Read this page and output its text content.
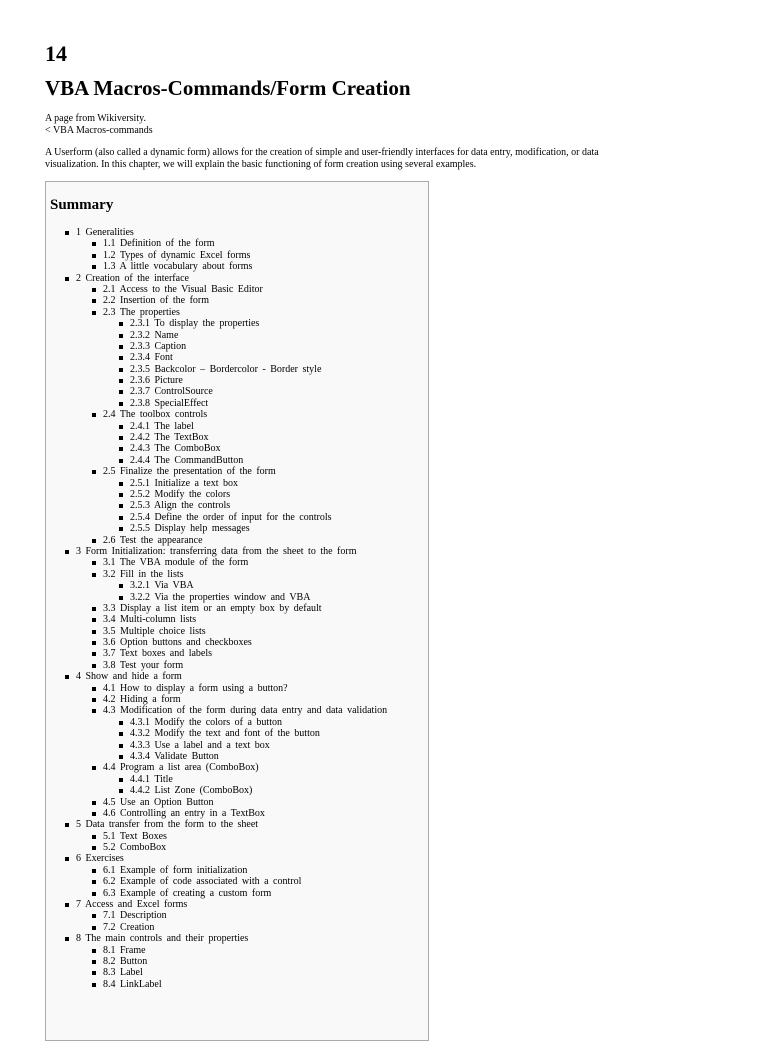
14
VBA Macros-Commands/Form Creation
A page from Wikiversity.
< VBA Macros-commands
A Userform (also called a dynamic form) allows for the creation of simple and user-friendly interfaces for data entry, modification, or data visualization. In this chapter, we will explain the basic functioning of form creation using several examples.
Summary
1 Generalities
1.1 Definition of the form
1.2 Types of dynamic Excel forms
1.3 A little vocabulary about forms
2 Creation of the interface
2.1 Access to the Visual Basic Editor
2.2 Insertion of the form
2.3 The properties
2.3.1 To display the properties
2.3.2 Name
2.3.3 Caption
2.3.4 Font
2.3.5 Backcolor – Bordercolor - Border style
2.3.6 Picture
2.3.7 ControlSource
2.3.8 SpecialEffect
2.4 The toolbox controls
2.4.1 The label
2.4.2 The TextBox
2.4.3 The ComboBox
2.4.4 The CommandButton
2.5 Finalize the presentation of the form
2.5.1 Initialize a text box
2.5.2 Modify the colors
2.5.3 Align the controls
2.5.4 Define the order of input for the controls
2.5.5 Display help messages
2.6 Test the appearance
3 Form Initialization: transferring data from the sheet to the form
3.1 The VBA module of the form
3.2 Fill in the lists
3.2.1 Via VBA
3.2.2 Via the properties window and VBA
3.3 Display a list item or an empty box by default
3.4 Multi-column lists
3.5 Multiple choice lists
3.6 Option buttons and checkboxes
3.7 Text boxes and labels
3.8 Test your form
4 Show and hide a form
4.1 How to display a form using a button?
4.2 Hiding a form
4.3 Modification of the form during data entry and data validation
4.3.1 Modify the colors of a button
4.3.2 Modify the text and font of the button
4.3.3 Use a label and a text box
4.3.4 Validate Button
4.4 Program a list area (ComboBox)
4.4.1 Title
4.4.2 List Zone (ComboBox)
4.5 Use an Option Button
4.6 Controlling an entry in a TextBox
5 Data transfer from the form to the sheet
5.1 Text Boxes
5.2 ComboBox
6 Exercises
6.1 Example of form initialization
6.2 Example of code associated with a control
6.3 Example of creating a custom form
7 Access and Excel forms
7.1 Description
7.2 Creation
8 The main controls and their properties
8.1 Frame
8.2 Button
8.3 Label
8.4 LinkLabel
